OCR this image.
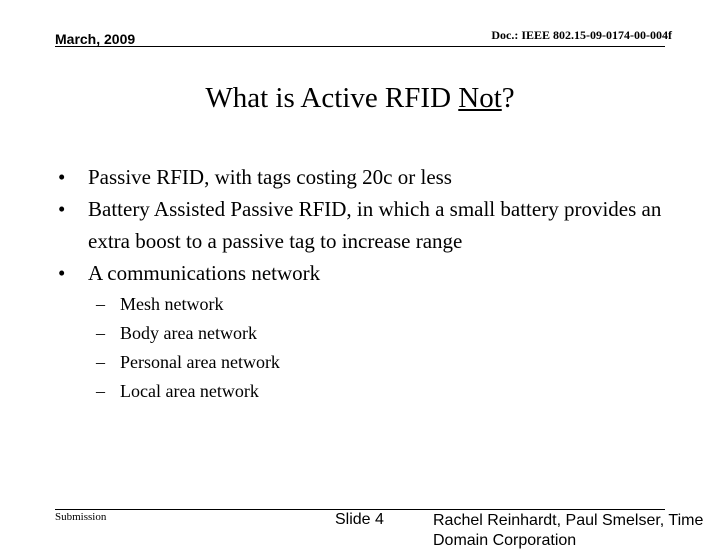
March, 2009	Doc.: IEEE 802.15-09-0174-00-004f
What is Active RFID Not?
• Passive RFID, with tags costing 20c or less
• Battery Assisted Passive RFID, in which a small battery provides an extra boost to a passive tag to increase range
• A communications network
– Mesh network
– Body area network
– Personal area network
– Local area network
Submission	Slide 4	Rachel Reinhardt, Paul Smelser, Time Domain Corporation
